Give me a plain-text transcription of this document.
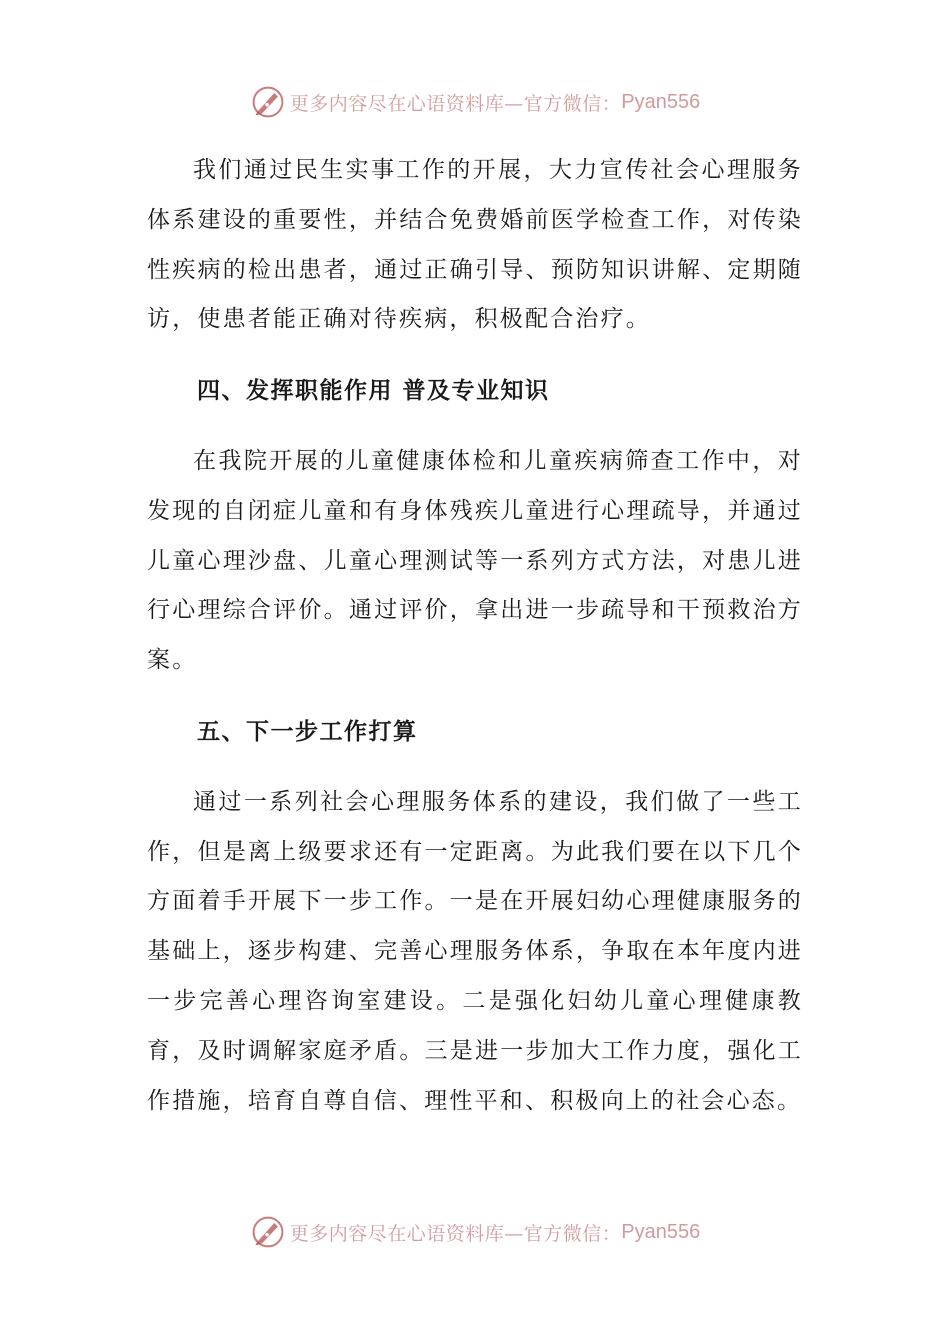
更多内容尽在心语资料库—官方微信： Pyan556

我们通过民生实事工作的开展，大力宣传社会心理服务体系建设的重要性，并结合免费婚前医学检查工作，对传染性疾病的检出患者，通过正确引导、预防知识讲解、定期随访，使患者能正确对待疾病，积极配合治疗。

四、发挥职能作用 普及专业知识

在我院开展的儿童健康体检和儿童疾病筛查工作中，对发现的自闭症儿童和有身体残疾儿童进行心理疏导，并通过儿童心理沙盘、儿童心理测试等一系列方式方法，对患儿进行心理综合评价。通过评价，拿出进一步疏导和干预救治方案。

五、下一步工作打算

通过一系列社会心理服务体系的建设，我们做了一些工作，但是离上级要求还有一定距离。为此我们要在以下几个方面着手开展下一步工作。一是在开展妇幼心理健康服务的基础上，逐步构建、完善心理服务体系，争取在本年度内进一步完善心理咨询室建设。二是强化妇幼儿童心理健康教育，及时调解家庭矛盾。三是进一步加大工作力度，强化工作措施，培育自尊自信、理性平和、积极向上的社会心态。

更多内容尽在心语资料库—官方微信： Pyan556
